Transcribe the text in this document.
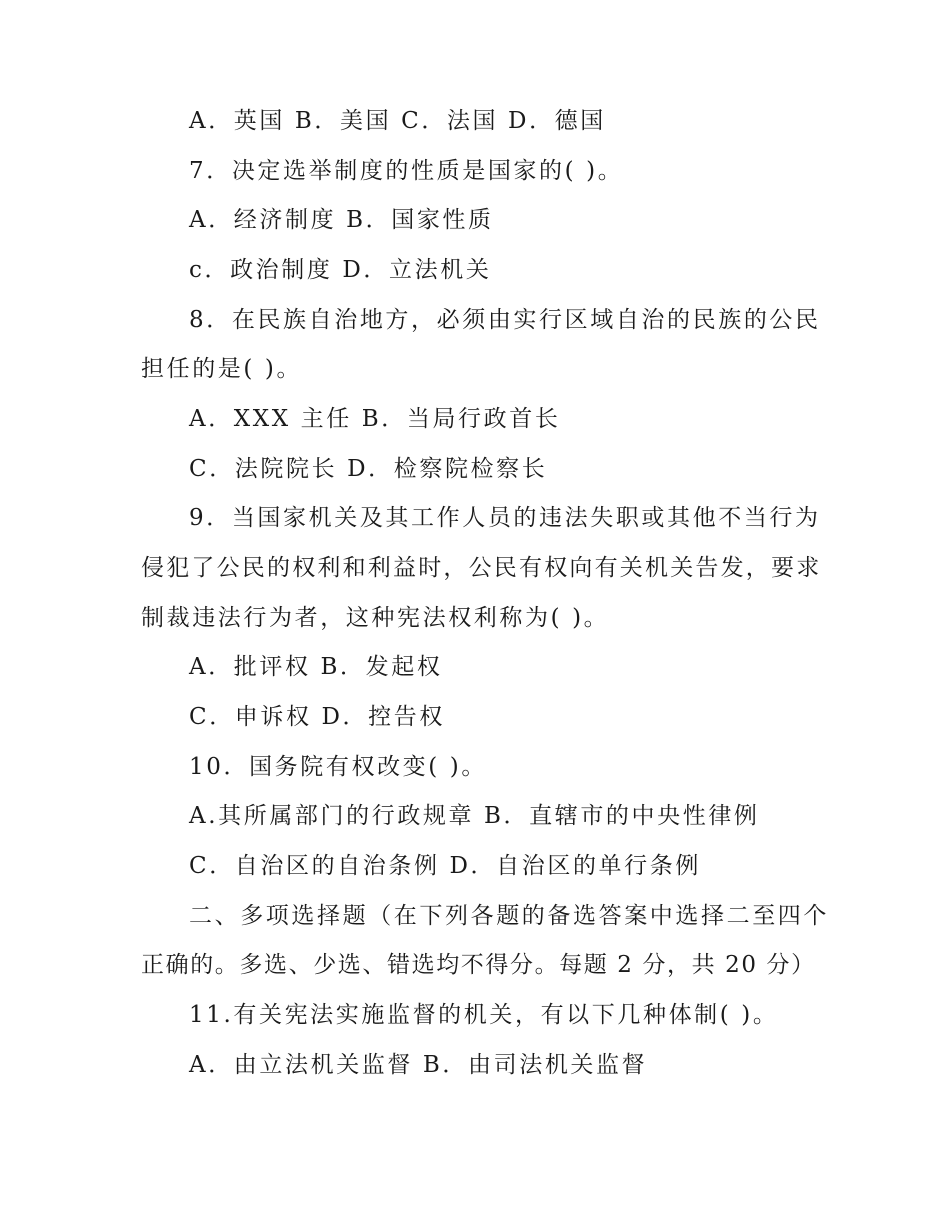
A．英国 B．美国 C．法国 D．德国
7．决定选举制度的性质是国家的( )。
A．经济制度 B．国家性质
c．政治制度 D．立法机关
8．在民族自治地方，必须由实行区域自治的民族的公民
担任的是( )。
A．XXX 主任 B．当局行政首长
C．法院院长 D．检察院检察长
9．当国家机关及其工作人员的违法失职或其他不当行为
侵犯了公民的权利和利益时，公民有权向有关机关告发，要求
制裁违法行为者，这种宪法权利称为( )。
A．批评权 B．发起权
C．申诉权 D．控告权
10．国务院有权改变( )。
A.其所属部门的行政规章 B．直辖市的中央性律例
C．自治区的自治条例 D．自治区的单行条例
二、多项选择题（在下列各题的备选答案中选择二至四个
正确的。多选、少选、错选均不得分。每题 2 分，共 20 分）
11.有关宪法实施监督的机关，有以下几种体制( )。
A．由立法机关监督 B．由司法机关监督
